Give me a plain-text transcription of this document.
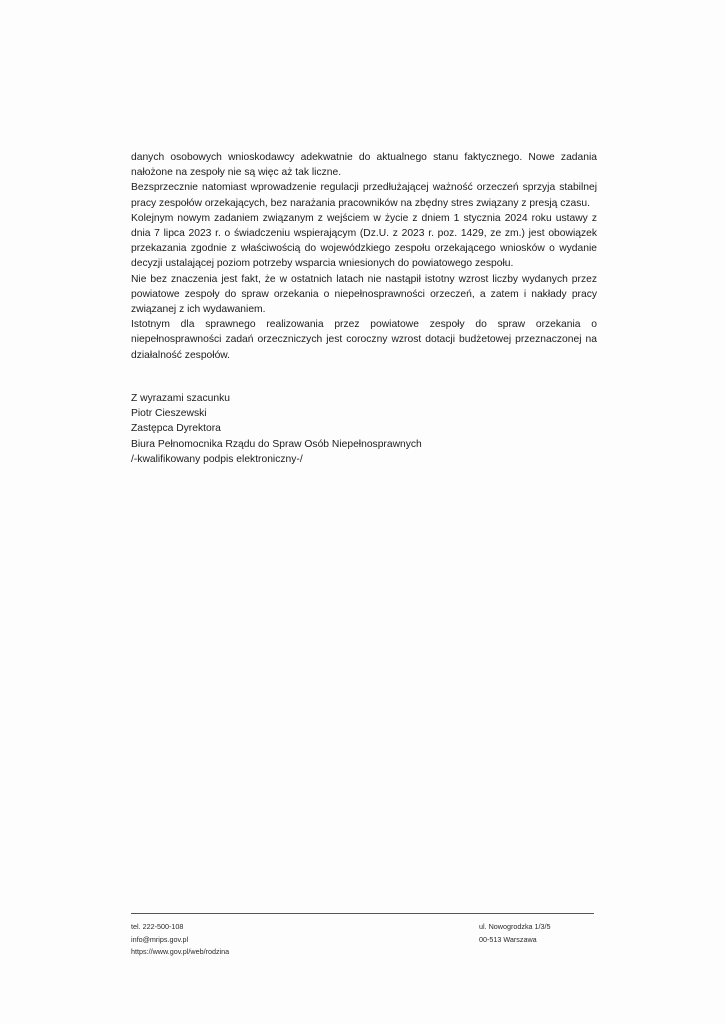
danych osobowych wnioskodawcy adekwatnie do aktualnego stanu faktycznego. Nowe zadania nałożone na zespoły nie są więc aż tak liczne.

Bezsprzecznie natomiast wprowadzenie regulacji przedłużającej ważność orzeczeń sprzyja stabilnej pracy zespołów orzekających, bez narażania pracowników na zbędny stres związany z presją czasu.

Kolejnym nowym zadaniem związanym z wejściem w życie z dniem 1 stycznia 2024 roku ustawy z dnia 7 lipca 2023 r. o świadczeniu wspierającym (Dz.U. z 2023 r. poz. 1429, ze zm.) jest obowiązek przekazania zgodnie z właściwością do wojewódzkiego zespołu orzekającego wniosków o wydanie decyzji ustalającej poziom potrzeby wsparcia wniesionych do powiatowego zespołu.

Nie bez znaczenia jest fakt, że w ostatnich latach nie nastąpił istotny wzrost liczby wydanych przez powiatowe zespoły do spraw orzekania o niepełnosprawności orzeczeń, a zatem i nakłady pracy związanej z ich wydawaniem.

Istotnym dla sprawnego realizowania przez powiatowe zespoły do spraw orzekania o niepełnosprawności zadań orzeczniczych jest coroczny wzrost dotacji budżetowej przeznaczonej na działalność zespołów.

Z wyrazami szacunku
Piotr Cieszewski
Zastępca Dyrektora
Biura Pełnomocnika Rządu do Spraw Osób Niepełnosprawnych
/-kwalifikowany podpis elektroniczny-/
tel. 222-500-108
info@mrips.gov.pl
https://www.gov.pl/web/rodzina
ul. Nowogrodzka 1/3/5
00-513 Warszawa
